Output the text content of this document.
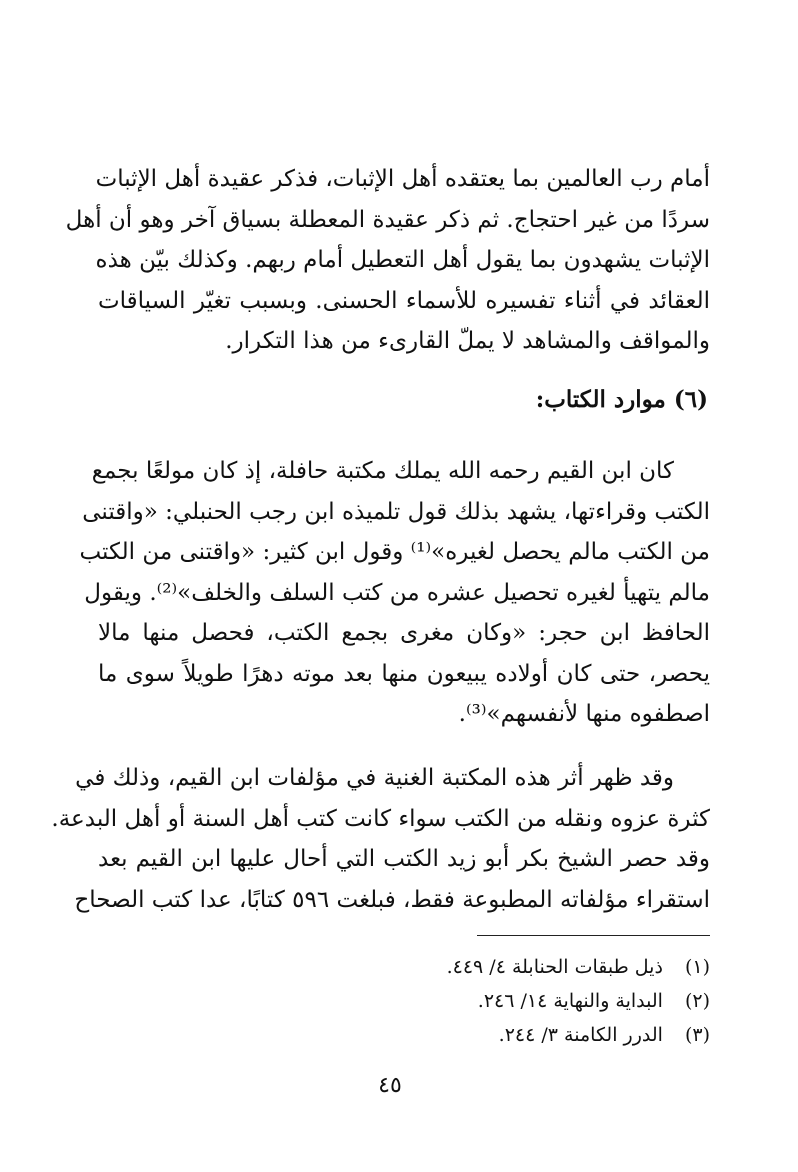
أمام رب العالمين بما يعتقده أهل الإثبات، فذكر عقيدة أهل الإثبات
سردًا من غير احتجاج. ثم ذكر عقيدة المعطلة بسياق آخر وهو أن أهل
الإثبات يشهدون بما يقول أهل التعطيل أمام ربهم. وكذلك بيّن هذه
العقائد في أثناء تفسيره للأسماء الحسنى. وبسبب تغيّر السياقات
والمواقف والمشاهد لا يملّ القارىء من هذا التكرار.
(٦) موارد الكتاب:
كان ابن القيم رحمه الله يملك مكتبة حافلة، إذ كان مولعًا بجمع
الكتب وقراءتها، يشهد بذلك قول تلميذه ابن رجب الحنبلي: «واقتنى
من الكتب مالم يحصل لغيره»⁽¹⁾ وقول ابن كثير: «واقتنى من الكتب
مالم يتهيأ لغيره تحصيل عشره من كتب السلف والخلف»⁽²⁾. ويقول
الحافظ ابن حجر: «وكان مغرى بجمع الكتب، فحصل منها مالا
يحصر، حتى كان أولاده يبيعون منها بعد موته دهرًا طويلاً سوى ما
اصطفوه منها لأنفسهم»⁽³⁾.
وقد ظهر أثر هذه المكتبة الغنية في مؤلفات ابن القيم، وذلك في
كثرة عزوه ونقله من الكتب سواء كانت كتب أهل السنة أو أهل البدعة.
وقد حصر الشيخ بكر أبو زيد الكتب التي أحال عليها ابن القيم بعد
استقراء مؤلفاته المطبوعة فقط، فبلغت ٥٩٦ كتابًا، عدا كتب الصحاح
(١)ذيل طبقات الحنابلة ٤/ ٤٤٩.
(٢)البداية والنهاية ١٤/ ٢٤٦.
(٣)الدرر الكامنة ٣/ ٢٤٤.
٤٥
